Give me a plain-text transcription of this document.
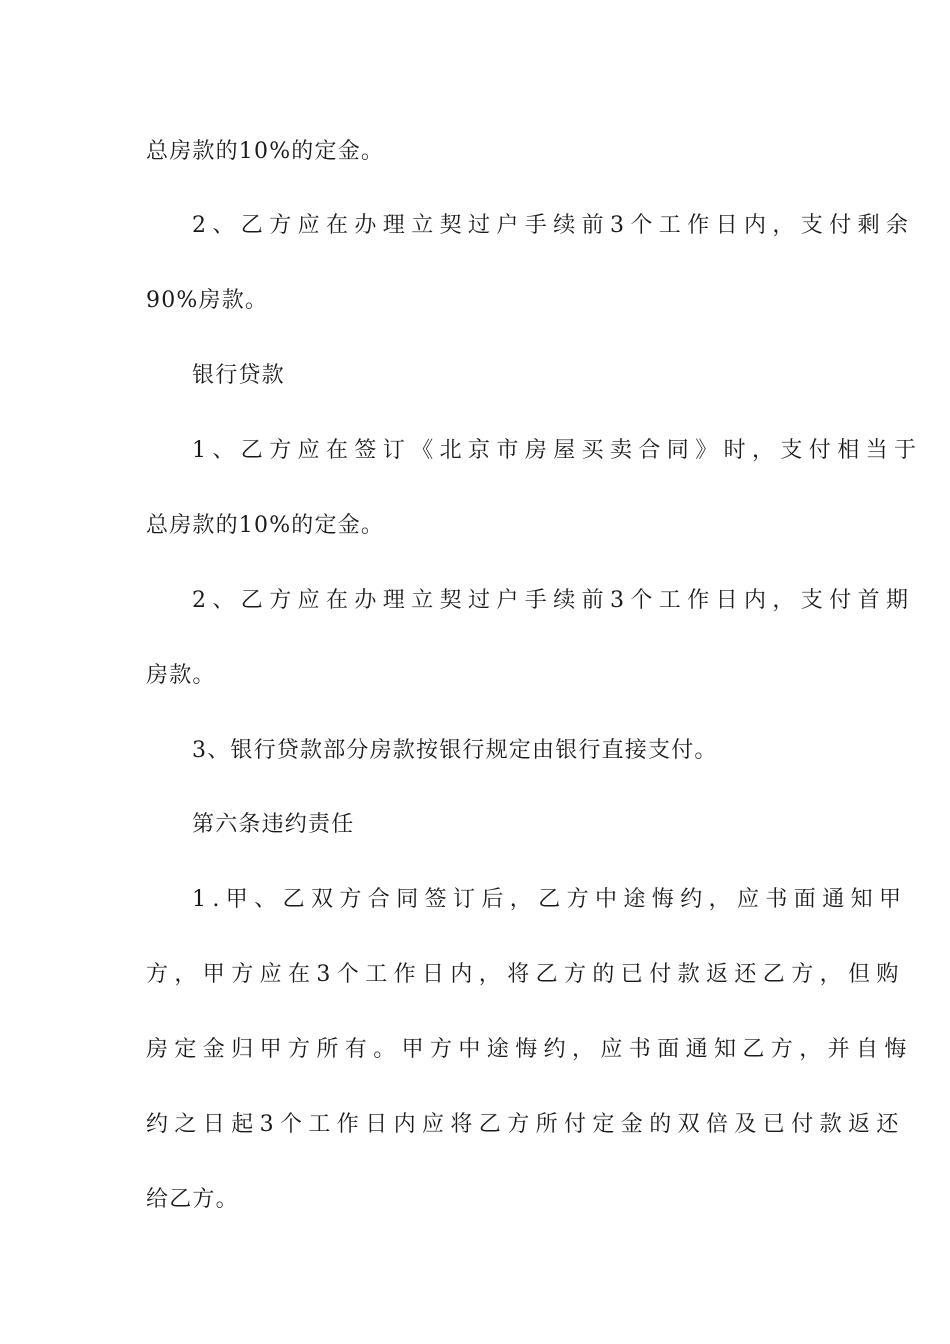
总房款的10%的定金。
2、乙方应在办理立契过户手续前3个工作日内，支付剩余
90%房款。
银行贷款
1、乙方应在签订《北京市房屋买卖合同》时，支付相当于
总房款的10%的定金。
2、乙方应在办理立契过户手续前3个工作日内，支付首期
房款。
3、银行贷款部分房款按银行规定由银行直接支付。
第六条违约责任
1.甲、乙双方合同签订后，乙方中途悔约，应书面通知甲
方，甲方应在3个工作日内，将乙方的已付款返还乙方，但购
房定金归甲方所有。甲方中途悔约，应书面通知乙方，并自悔
约之日起3个工作日内应将乙方所付定金的双倍及已付款返还
给乙方。
